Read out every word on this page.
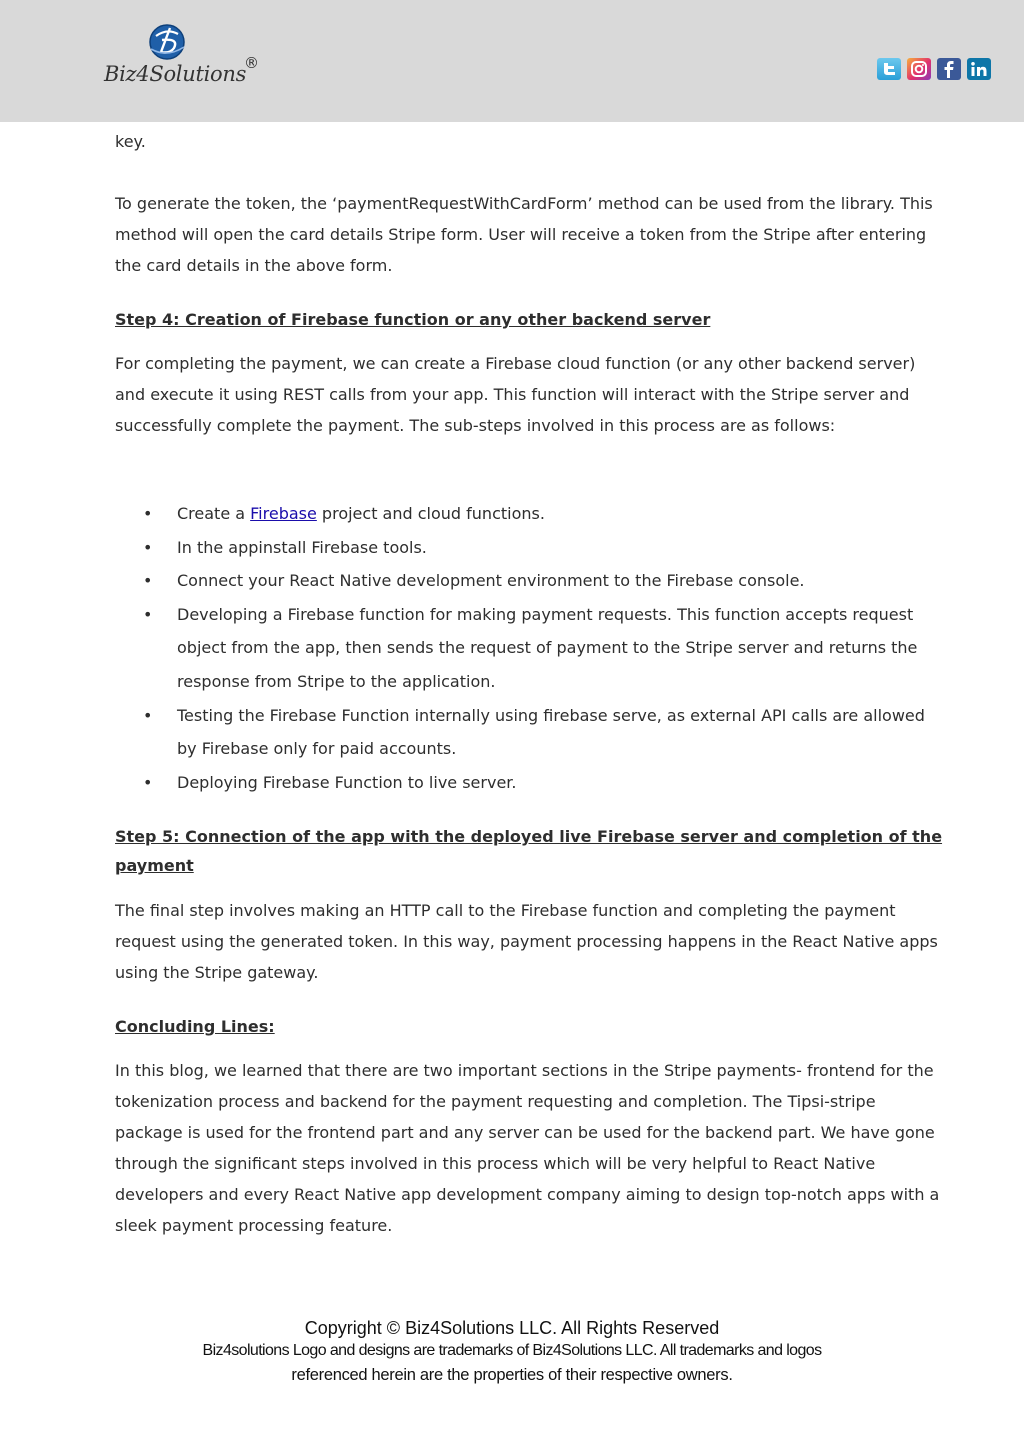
Biz4Solutions
®

key.

To generate the token, the ‘paymentRequestWithCardForm’ method can be used from the library. This method will open the card details Stripe form. User will receive a token from the Stripe after entering the card details in the above form.

Step 4: Creation of Firebase function or any other backend server

For completing the payment, we can create a Firebase cloud function (or any other backend server) and execute it using REST calls from your app. This function will interact with the Stripe server and successfully complete the payment. The sub-steps involved in this process are as follows:

• Create a Firebase project and cloud functions.
• In the appinstall Firebase tools.
• Connect your React Native development environment to the Firebase console.
• Developing a Firebase function for making payment requests. This function accepts request object from the app, then sends the request of payment to the Stripe server and returns the response from Stripe to the application.
• Testing the Firebase Function internally using firebase serve, as external API calls are allowed by Firebase only for paid accounts.
• Deploying Firebase Function to live server.
Step 5: Connection of the app with the deployed live Firebase server and completion of the payment

The final step involves making an HTTP call to the Firebase function and completing the payment request using the generated token. In this way, payment processing happens in the React Native apps using the Stripe gateway.

Concluding Lines:

In this blog, we learned that there are two important sections in the Stripe payments- frontend for the tokenization process and backend for the payment requesting and completion. The Tipsi-stripe package is used for the frontend part and any server can be used for the backend part. We have gone through the significant steps involved in this process which will be very helpful to React Native developers and every React Native app development company aiming to design top-notch apps with a sleek payment processing feature.

Copyright © Biz4Solutions LLC. All Rights Reserved
Biz4solutions Logo and designs are trademarks of Biz4Solutions LLC. All trademarks and logos
referenced herein are the properties of their respective owners.
